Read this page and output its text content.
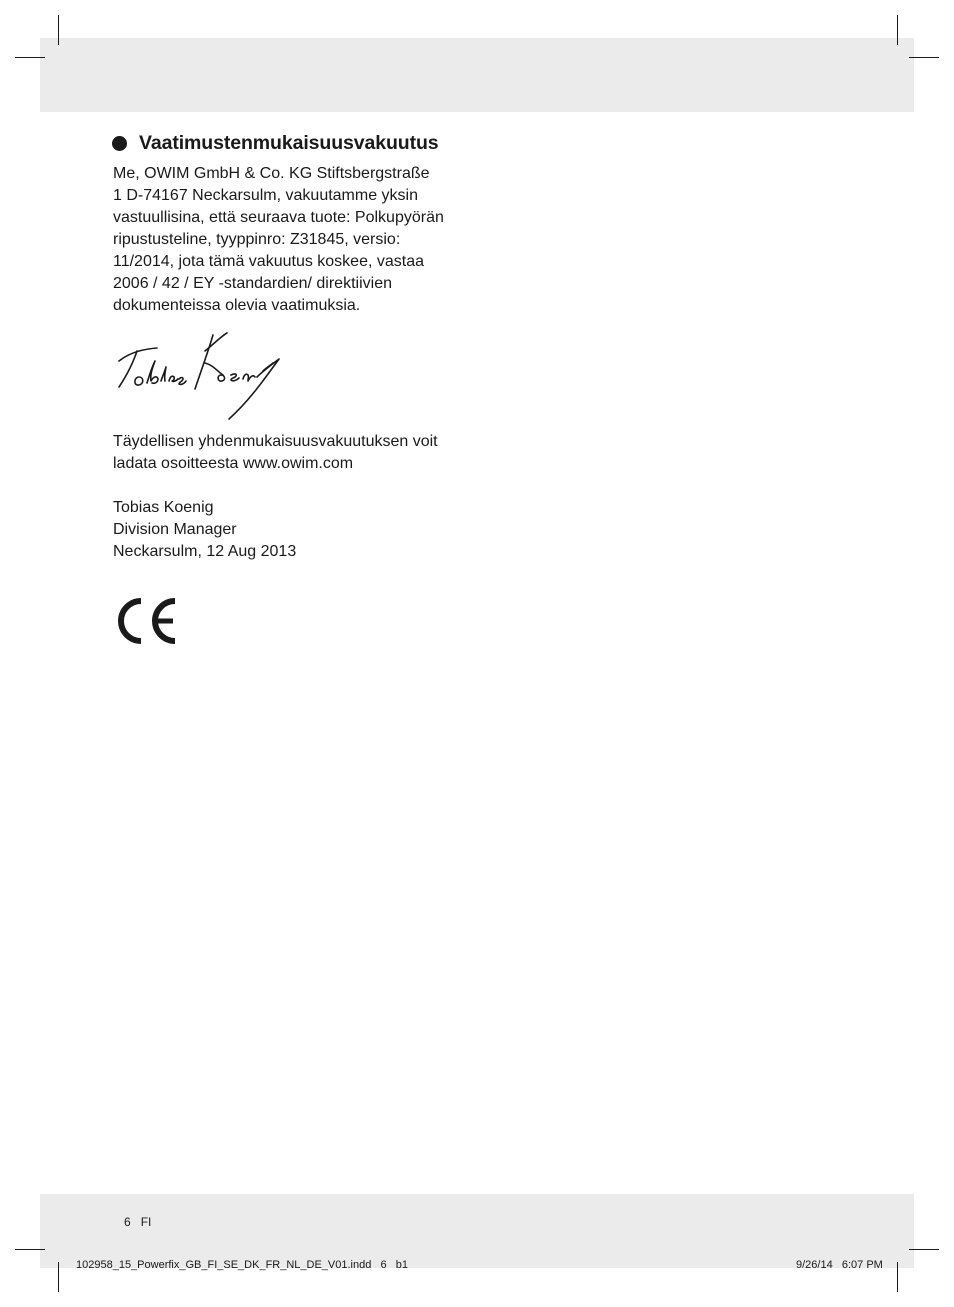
Vaatimustenmukaisuusvakuutus
Me, OWIM GmbH & Co. KG Stiftsbergstraße
1 D-74167 Neckarsulm, vakuutamme yksin
vastuullisina, että seuraava tuote: Polkupyörän
ripustusteline, tyyppinro: Z31845, versio:
11/2014, jota tämä vakuutus koskee, vastaa
2006 / 42 / EY -standardien/ direktiivien
dokumenteissa olevia vaatimuksia.
Täydellisen yhdenmukaisuusvakuutuksen voit
ladata osoitteesta www.owim.com
Tobias Koenig
Division Manager
Neckarsulm, 12 Aug 2013
6 FI
102958_15_Powerfix_GB_FI_SE_DK_FR_NL_DE_V01.indd   6   b1	9/26/14   6:07 PM
